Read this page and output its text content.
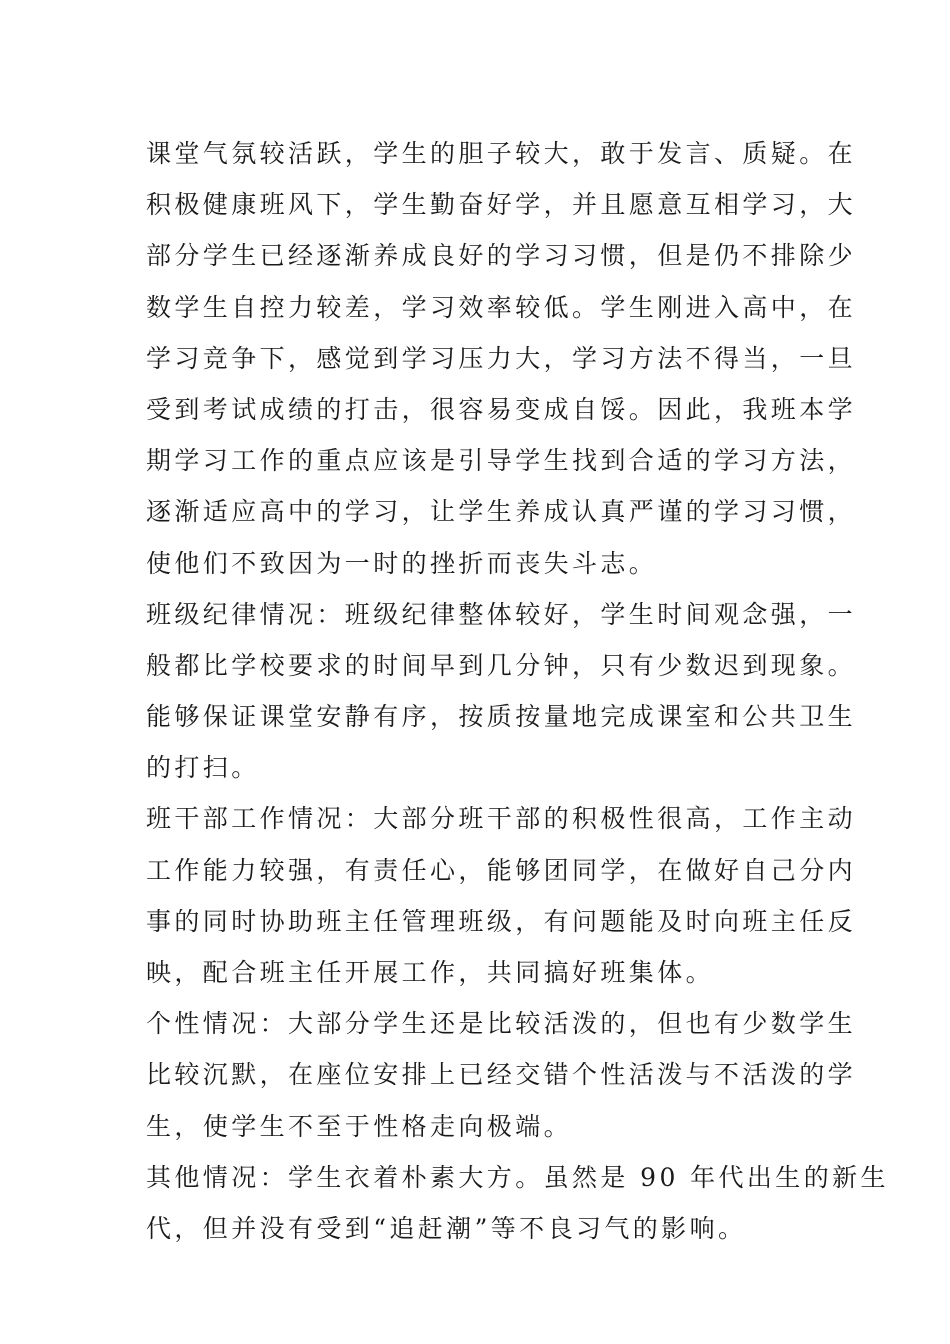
课堂气氛较活跃，学生的胆子较大，敢于发言、质疑。在
积极健康班风下，学生勤奋好学，并且愿意互相学习，大
部分学生已经逐渐养成良好的学习习惯，但是仍不排除少
数学生自控力较差，学习效率较低。学生刚进入高中，在
学习竞争下，感觉到学习压力大，学习方法不得当，一旦
受到考试成绩的打击，很容易变成自馁。因此，我班本学
期学习工作的重点应该是引导学生找到合适的学习方法，
逐渐适应高中的学习，让学生养成认真严谨的学习习惯，
使他们不致因为一时的挫折而丧失斗志。
班级纪律情况：班级纪律整体较好，学生时间观念强，一
般都比学校要求的时间早到几分钟，只有少数迟到现象。
能够保证课堂安静有序，按质按量地完成课室和公共卫生
的打扫。
班干部工作情况：大部分班干部的积极性很高，工作主动
工作能力较强，有责任心，能够团同学，在做好自己分内
事的同时协助班主任管理班级，有问题能及时向班主任反
映，配合班主任开展工作，共同搞好班集体。
个性情况：大部分学生还是比较活泼的，但也有少数学生
比较沉默，在座位安排上已经交错个性活泼与不活泼的学
生，使学生不至于性格走向极端。
其他情况：学生衣着朴素大方。虽然是 90 年代出生的新生
代，但并没有受到“追赶潮”等不良习气的影响。
